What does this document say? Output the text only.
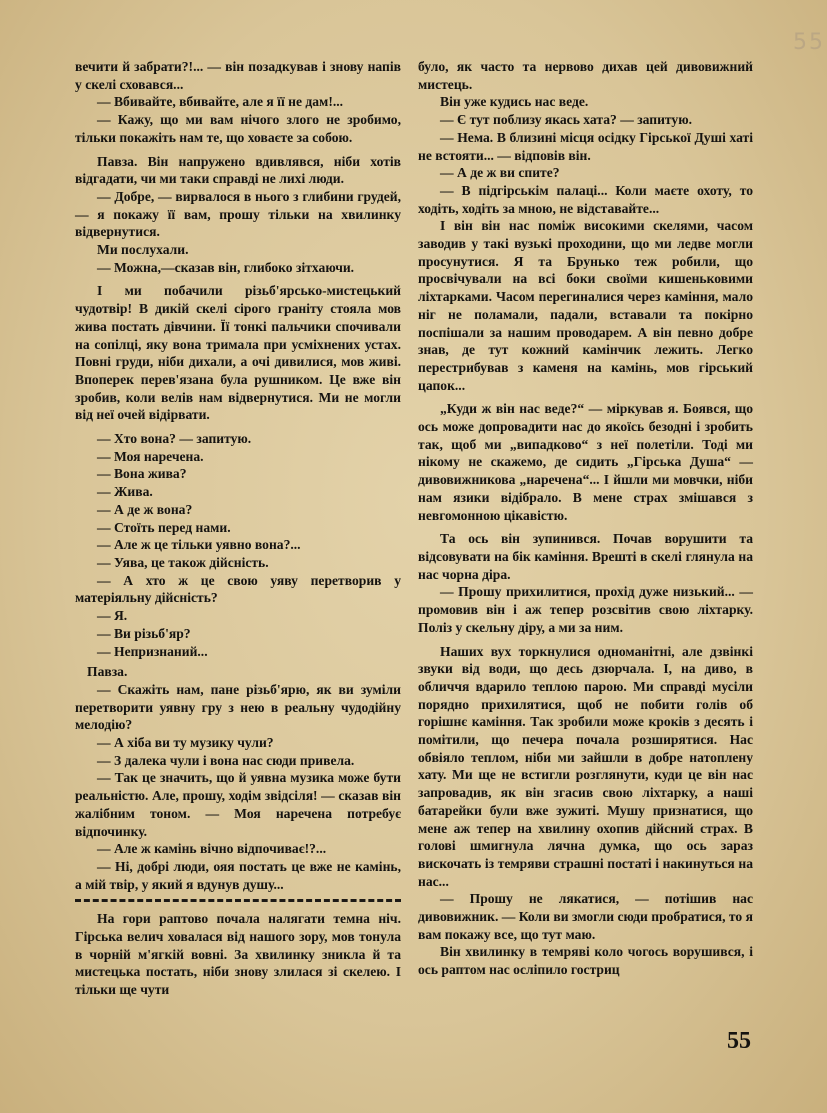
55

вечити й забрати?!... — він позадкував і знову напів у скелі сховався...

— Вбивайте, вбивайте, але я її не дам!...

— Кажу, що ми вам нічого злого не зробимо, тільки покажіть нам те, що ховаєте за собою.

Павза. Він напружено вдивлявся, ніби хотів відгадати, чи ми таки справді не лихі люди.

— Добре, — вирвалося в нього з глибини грудей, — я покажу її вам, прошу тільки на хвилинку відвернутися.

Ми послухали.

— Можна,—сказав він, глибоко зітхаючи.

І ми побачили різьб'ярсько-мистецький чудотвір! В дикій скелі сірого граніту стояла мов жива постать дівчини. Її тонкі пальчики спочивали на сопілці, яку вона тримала при усміхнених устах. Повні груди, ніби дихали, а очі дивилися, мов живі. Впоперек перев'язана була рушником. Це вже він зробив, коли велів нам відвернутися. Ми не могли від неї очей відірвати.

— Хто вона? — запитую.

— Моя наречена.

— Вона жива?

— Жива.

— А де ж вона?

— Стоїть перед нами.

— Але ж це тільки уявно вона?...

— Уява, це також дійсність.

— А хто ж це свою уяву перетворив у матеріяльну дійсність?

— Я.

— Ви різьб'яр?

— Непризнаний...

Павза.

— Скажіть нам, пане різьб'ярю, як ви зуміли перетворити уявну гру з нею в реальну чудодійну мелодію?

— А хіба ви ту музику чули?

— З далека чули і вона нас сюди привела.

— Так це значить, що й уявна музика може бути реальністю. Але, прошу, ходім звідсіля! — сказав він жалібним тоном. — Моя наречена потребує відпочинку.

— Але ж камінь вічно відпочиває!?...

— Ні, добрі люди, ояя постать це вже не камінь, а мій твір, у який я вдунув душу...

На гори раптово почала налягати темна ніч. Гірська велич ховалася від нашого зору, мов тонула в чорній м'ягкій вовні. За хвилинку зникла й та мистецька постать, ніби знову злилася зі скелею. І тільки ще чути

було, як часто та нервово дихав цей дивовижний мистець.

Він уже кудись нас веде.

— Є тут поблизу якась хата? — запитую.

— Нема. В близині місця осідку Гірської Душі хаті не встояти... — відповів він.

— А де ж ви спите?

— В підгірськім палаці... Коли маєте охоту, то ходіть, ходіть за мною, не відставайте...

І він він нас поміж високими скелями, часом заводив у такі вузькі проходини, що ми ледве могли просунутися. Я та Брунько теж робили, що просвічували на всі боки своїми кишеньковими ліхтарками. Часом перегиналися через каміння, мало ніг не поламали, падали, вставали та покірно поспішали за нашим проводарем. А він певно добре знав, де тут кожний камінчик лежить. Легко перестрибував з каменя на камінь, мов гірський цапок...

„Куди ж він нас веде?“ — міркував я. Боявся, що ось може допровадити нас до якоїсь безодні і зробить так, щоб ми „випадково“ з неї полетіли. Тоді ми нікому не скажемо, де сидить „Гірська Душа“ — дивовижникова „наречена“... І йшли ми мовчки, ніби нам язики відібрало. В мене страх змішався з невгомонною цікавістю.

Та ось він зупинився. Почав ворушити та відсовувати на бік каміння. Врешті в скелі глянула на нас чорна діра.

— Прошу прихилитися, прохід дуже низький... — промовив він і аж тепер розсвітив свою ліхтарку. Поліз у скельну діру, а ми за ним.

Наших вух торкнулися одноманітні, але дзвінкі звуки від води, що десь дзюрчала. І, на диво, в обличчя вдарило теплою парою. Ми справді мусіли порядно прихилятися, щоб не побити голів об горішнє каміння. Так зробили може кроків з десять і помітили, що печера почала розширятися. Нас обвіяло теплом, ніби ми зайшли в добре натоплену хату. Ми ще не встигли розглянути, куди це він нас запровадив, як він згасив свою ліхтарку, а наші батарейки були вже зужиті. Мушу признатися, що мене аж тепер на хвилину охопив дійсний страх. В голові шмигнула лячна думка, що ось зараз вискочать із темряви страшні постаті і накинуться на нас...

— Прошу не лякатися, — потішив нас дивовижник. — Коли ви змогли сюди пробратися, то я вам покажу все, що тут маю.

Він хвилинку в темряві коло чогось ворушився, і ось раптом нас осліпило гостриц

55
